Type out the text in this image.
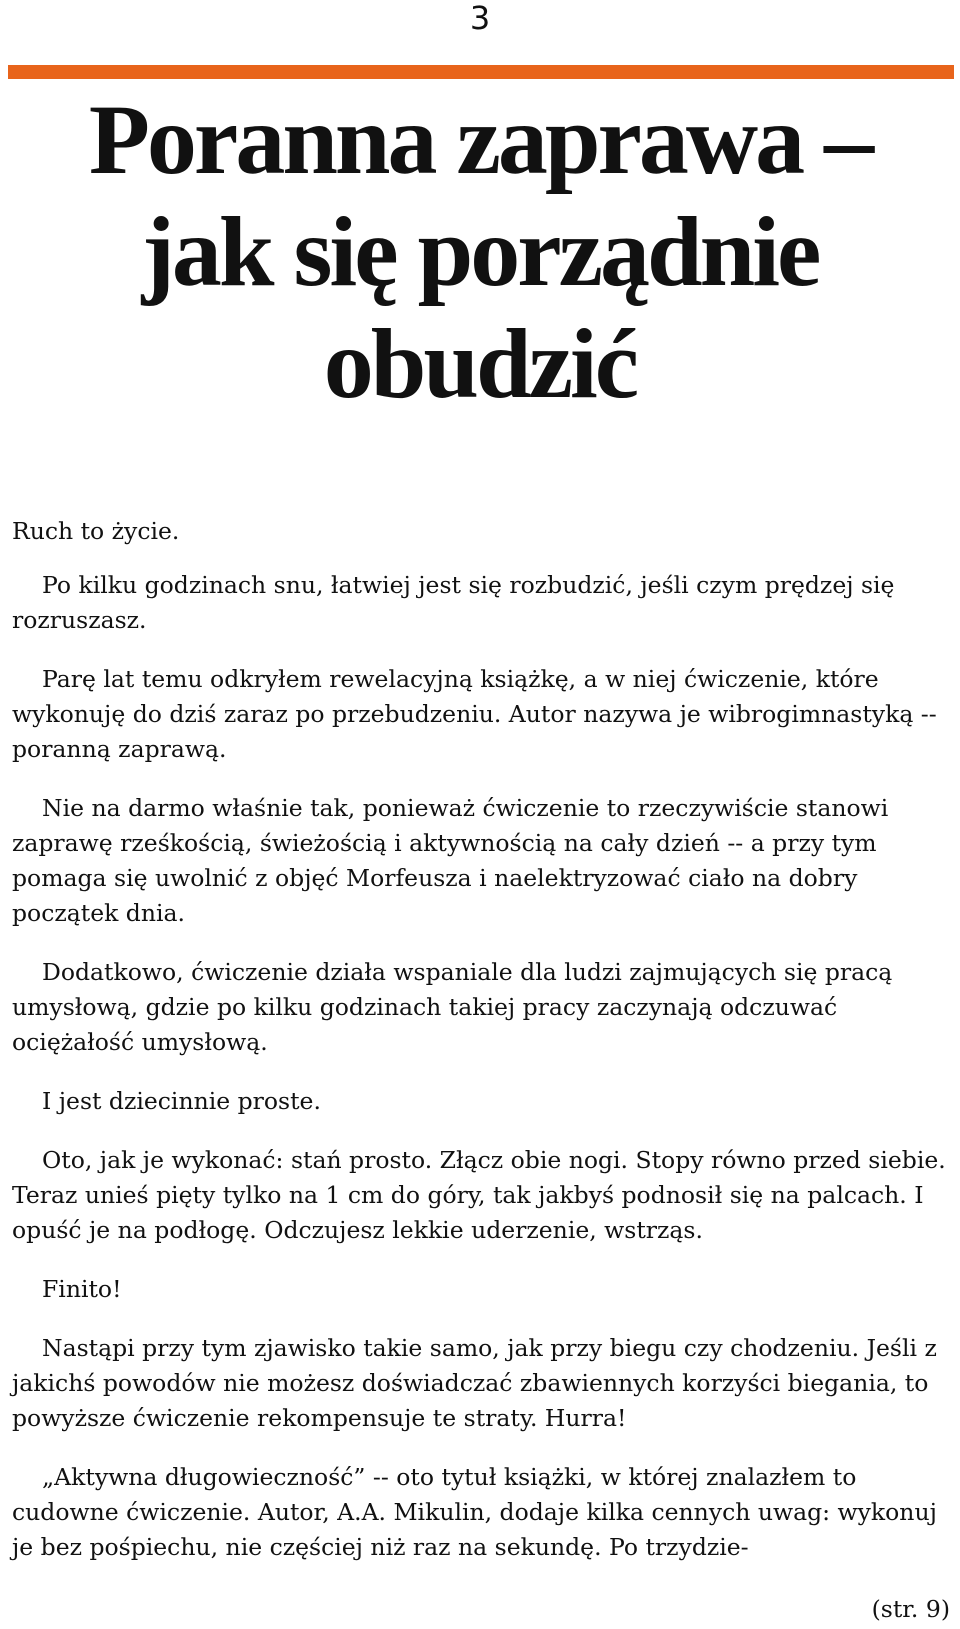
3
Poranna zaprawa –
jak się porządnie
obudzić

Ruch to życie.

Po kilku godzinach snu, łatwiej jest się rozbudzić, jeśli czym prędzej się rozruszasz.

Parę lat temu odkryłem rewelacyjną książkę, a w niej ćwiczenie, które wykonuję do dziś zaraz po przebudzeniu. Autor nazywa je wibrogimnastyką -- poranną zaprawą.

Nie na darmo właśnie tak, ponieważ ćwiczenie to rzeczywiście stanowi zaprawę rześkością, świeżością i aktywnością na cały dzień -- a przy tym pomaga się uwolnić z objęć Morfeusza i naelektryzować ciało na dobry początek dnia.

Dodatkowo, ćwiczenie działa wspaniale dla ludzi zajmujących się pracą umysłową, gdzie po kilku godzinach takiej pracy zaczynają odczuwać ociężałość umysłową.

I jest dziecinnie proste.

Oto, jak je wykonać: stań prosto. Złącz obie nogi. Stopy równo przed siebie. Teraz unieś pięty tylko na 1 cm do góry, tak jakbyś podnosił się na palcach. I opuść je na podłogę. Odczujesz lekkie uderzenie, wstrząs.

Finito!

Nastąpi przy tym zjawisko takie samo, jak przy biegu czy chodzeniu. Jeśli z jakichś powodów nie możesz doświadczać zbawiennych korzyści biegania, to powyższe ćwiczenie rekompensuje te straty. Hurra!

„Aktywna długowieczność” -- oto tytuł książki, w której znalazłem to cudowne ćwiczenie. Autor, A.A. Mikulin, dodaje kilka cennych uwag: wykonuj je bez pośpiechu, nie częściej niż raz na sekundę. Po trzydzie-

(str. 9)
